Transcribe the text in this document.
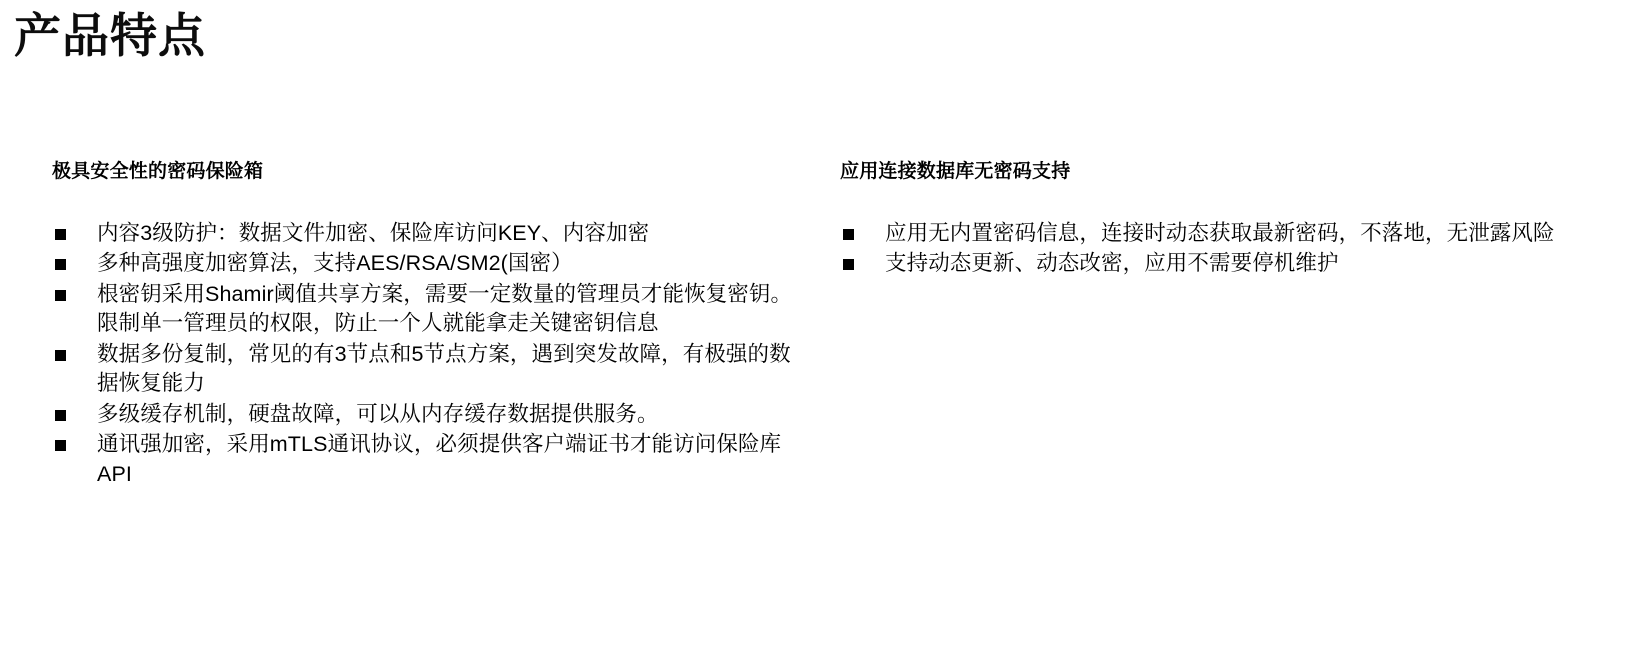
产品特点
极具安全性的密码保险箱
内容3级防护：数据文件加密、保险库访问KEY、内容加密
多种高强度加密算法，支持AES/RSA/SM2(国密）
根密钥采用Shamir阈值共享方案，需要一定数量的管理员才能恢复密钥。限制单一管理员的权限，防止一个人就能拿走关键密钥信息
数据多份复制，常见的有3节点和5节点方案，遇到突发故障，有极强的数据恢复能力
多级缓存机制，硬盘故障，可以从内存缓存数据提供服务。
通讯强加密，采用mTLS通讯协议，必须提供客户端证书才能访问保险库API
应用连接数据库无密码支持
应用无内置密码信息，连接时动态获取最新密码，不落地，无泄露风险
支持动态更新、动态改密，应用不需要停机维护
